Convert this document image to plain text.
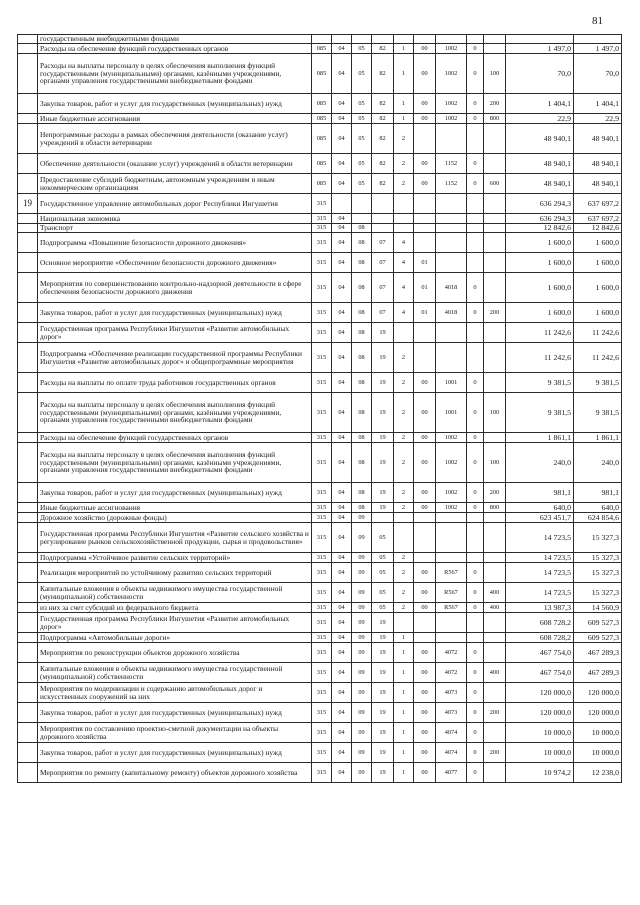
81
	государственным внебюджетными фондами											
	Расходы на обеспечение функций государственных органов	085	04	05	82	1	00	1002	0		1 497,0	1 497,0
	Расходы на выплаты персоналу в целях обеспечения выполнения функций государственными (муниципальными) органами, казёнными учреждениями, органами управления государственными внебюджетными фондами	085	04	05	82	1	00	1002	0	100	70,0	70,0
	Закупка товаров, работ и услуг для государственных (муниципальных) нужд	085	04	05	82	1	00	1002	0	200	1 404,1	1 404,1
	Иные бюджетные ассигнования	085	04	05	82	1	00	1002	0	800	22,9	22,9
	Непрограммные расходы в рамках обеспечения деятельности (оказание услуг) учреждений в области ветеринарии	085	04	05	82	2					48 940,1	48 940,1
	Обеспечение деятельности (оказание услуг) учреждений в области ветеринарии	085	04	05	82	2	00	1152	0		48 940,1	48 940,1
	Предоставление субсидий бюджетным, автономным учреждениям и иным некоммерческим организациям	085	04	05	82	2	00	1152	0	600	48 940,1	48 940,1
19	Государственное управление автомобильных дорог Республики Ингушетия	315									636 294,3	637 697,2
	Национальная экономика	315	04								636 294,3	637 697,2
	Транспорт	315	04	08							12 842,6	12 842,6
	Подпрограмма «Повышение безопасности дорожного движения»	315	04	08	07	4					1 600,0	1 600,0
	Основное мероприятие «Обеспечение безопасности дорожного движения»	315	04	08	07	4	01				1 600,0	1 600,0
	Мероприятия по совершенствованию контрольно-надзорной деятельности в сфере обеспечения безопасности дорожного движения	315	04	08	07	4	01	4018	0		1 600,0	1 600,0
	Закупка товаров, работ и услуг для государственных (муниципальных) нужд	315	04	08	07	4	01	4018	0	200	1 600,0	1 600,0
	Государственная программа Республики Ингушетия «Развитие автомобильных дорог»	315	04	08	19						11 242,6	11 242,6
	Подпрограмма «Обеспечение реализации государственной программы Республики Ингушетия «Развитие автомобильных дорог» и общепрограммные мероприятия	315	04	08	19	2					11 242,6	11 242,6
	Расходы на выплаты по оплате труда работников государственных органов	315	04	08	19	2	00	1001	0		9 381,5	9 381,5
	Расходы на выплаты персоналу в целях обеспечения выполнения функций государственными (муниципальными) органами, казёнными учреждениями, органами управления государственными внебюджетными фондами	315	04	08	19	2	00	1001	0	100	9 381,5	9 381,5
	Расходы на обеспечение функций государственных органов	315	04	08	19	2	00	1002	0		1 861,1	1 861,1
	Расходы на выплаты персоналу в целях обеспечения выполнения функций государственными (муниципальными) органами, казёнными учреждениями, органами управления государственными внебюджетными фондами	315	04	08	19	2	00	1002	0	100	240,0	240,0
	Закупка товаров, работ и услуг для государственных (муниципальных) нужд	315	04	08	19	2	00	1002	0	200	981,1	981,1
	Иные бюджетные ассигнования	315	04	08	19	2	00	1002	0	800	640,0	640,0
	Дорожное хозяйство (дорожные фонды)	315	04	09							623 451,7	624 854,6
	Государственная программа Республики Ингушетия «Развитие сельского хозяйства и регулирование рынков сельскохозяйственной продукции, сырья и продовольствия»	315	04	09	05						14 723,5	15 327,3
	Подпрограмма «Устойчивое развитие сельских территорий»	315	04	09	05	2					14 723,5	15 327,3
	Реализация мероприятий по устойчивому развитию сельских территорий	315	04	09	05	2	00	R567	0		14 723,5	15 327,3
	Капитальные вложения в объекты недвижимого имущества государственной (муниципальной) собственности	315	04	09	05	2	00	R567	0	400	14 723,5	15 327,3
	из них за счет субсидий из федерального бюджета	315	04	09	05	2	00	R567	0	400	13 987,3	14 560,9
	Государственная программа Республики Ингушетия «Развитие автомобильных дорог»	315	04	09	19						608 728,2	609 527,3
	Подпрограмма «Автомобильные дороги»	315	04	09	19	1					608 728,2	609 527,3
	Мероприятия по реконструкции объектов дорожного хозяйства	315	04	09	19	1	00	4072	0		467 754,0	467 289,3
	Капитальные вложения в объекты недвижимого имущества государственной (муниципальной) собственности	315	04	09	19	1	00	4072	0	400	467 754,0	467 289,3
	Мероприятия по модернизации и содержанию автомобильных дорог и искусственных сооружений на них	315	04	09	19	1	00	4073	0		120 000,0	120 000,0
	Закупка товаров, работ и услуг для государственных (муниципальных) нужд	315	04	09	19	1	00	4073	0	200	120 000,0	120 000,0
	Мероприятия по составлению проектно-сметной документации на объекты дорожного хозяйства	315	04	09	19	1	00	4074	0		10 000,0	10 000,0
	Закупка товаров, работ и услуг для государственных (муниципальных) нужд	315	04	09	19	1	00	4074	0	200	10 000,0	10 000,0
	Мероприятия по ремонту (капитальному ремонту) объектов дорожного хозяйства	315	04	09	19	1	00	4077	0		10 974,2	12 238,0
